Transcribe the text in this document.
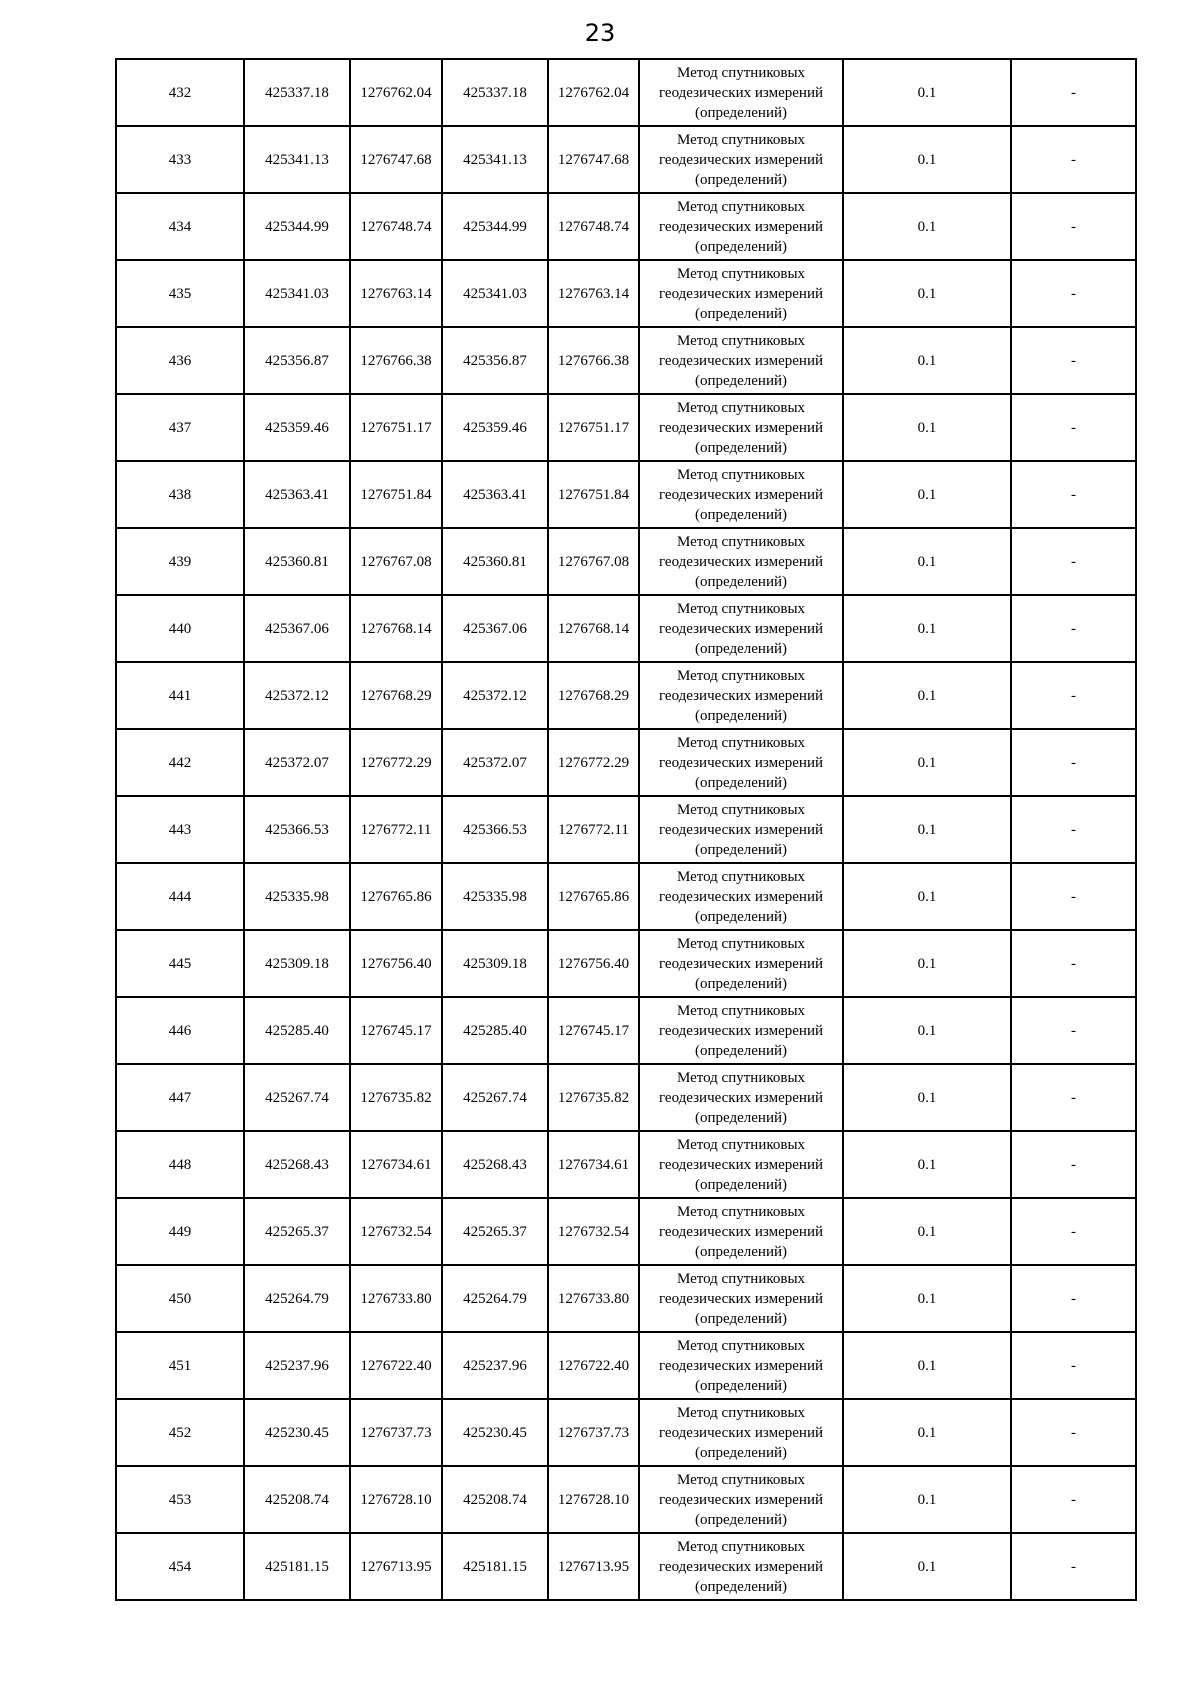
23
432	425337.18	1276762.04	425337.18	1276762.04	Метод спутниковых
геодезических измерений
(определений)	0.1	-
433	425341.13	1276747.68	425341.13	1276747.68	Метод спутниковых
геодезических измерений
(определений)	0.1	-
434	425344.99	1276748.74	425344.99	1276748.74	Метод спутниковых
геодезических измерений
(определений)	0.1	-
435	425341.03	1276763.14	425341.03	1276763.14	Метод спутниковых
геодезических измерений
(определений)	0.1	-
436	425356.87	1276766.38	425356.87	1276766.38	Метод спутниковых
геодезических измерений
(определений)	0.1	-
437	425359.46	1276751.17	425359.46	1276751.17	Метод спутниковых
геодезических измерений
(определений)	0.1	-
438	425363.41	1276751.84	425363.41	1276751.84	Метод спутниковых
геодезических измерений
(определений)	0.1	-
439	425360.81	1276767.08	425360.81	1276767.08	Метод спутниковых
геодезических измерений
(определений)	0.1	-
440	425367.06	1276768.14	425367.06	1276768.14	Метод спутниковых
геодезических измерений
(определений)	0.1	-
441	425372.12	1276768.29	425372.12	1276768.29	Метод спутниковых
геодезических измерений
(определений)	0.1	-
442	425372.07	1276772.29	425372.07	1276772.29	Метод спутниковых
геодезических измерений
(определений)	0.1	-
443	425366.53	1276772.11	425366.53	1276772.11	Метод спутниковых
геодезических измерений
(определений)	0.1	-
444	425335.98	1276765.86	425335.98	1276765.86	Метод спутниковых
геодезических измерений
(определений)	0.1	-
445	425309.18	1276756.40	425309.18	1276756.40	Метод спутниковых
геодезических измерений
(определений)	0.1	-
446	425285.40	1276745.17	425285.40	1276745.17	Метод спутниковых
геодезических измерений
(определений)	0.1	-
447	425267.74	1276735.82	425267.74	1276735.82	Метод спутниковых
геодезических измерений
(определений)	0.1	-
448	425268.43	1276734.61	425268.43	1276734.61	Метод спутниковых
геодезических измерений
(определений)	0.1	-
449	425265.37	1276732.54	425265.37	1276732.54	Метод спутниковых
геодезических измерений
(определений)	0.1	-
450	425264.79	1276733.80	425264.79	1276733.80	Метод спутниковых
геодезических измерений
(определений)	0.1	-
451	425237.96	1276722.40	425237.96	1276722.40	Метод спутниковых
геодезических измерений
(определений)	0.1	-
452	425230.45	1276737.73	425230.45	1276737.73	Метод спутниковых
геодезических измерений
(определений)	0.1	-
453	425208.74	1276728.10	425208.74	1276728.10	Метод спутниковых
геодезических измерений
(определений)	0.1	-
454	425181.15	1276713.95	425181.15	1276713.95	Метод спутниковых
геодезических измерений
(определений)	0.1	-
